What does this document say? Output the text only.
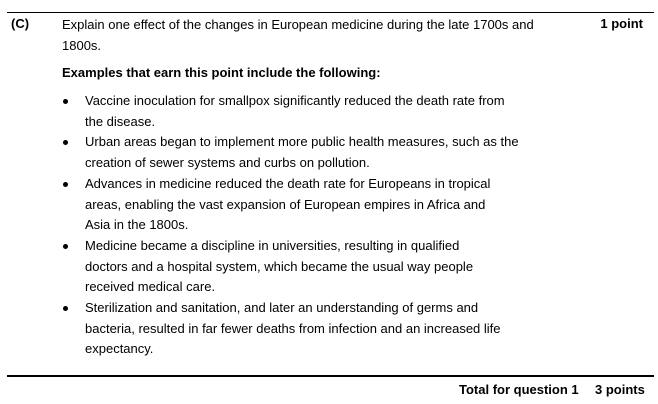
(C)	Explain one effect of the changes in European medicine during the late 1700s and
1800s.
1 point
Examples that earn this point include the following:
Vaccine inoculation for smallpox significantly reduced the death rate from
the disease.
Urban areas began to implement more public health measures, such as the
creation of sewer systems and curbs on pollution.
Advances in medicine reduced the death rate for Europeans in tropical
areas, enabling the vast expansion of European empires in Africa and
Asia in the 1800s.
Medicine became a discipline in universities, resulting in qualified
doctors and a hospital system, which became the usual way people
received medical care.
Sterilization and sanitation, and later an understanding of germs and
bacteria, resulted in far fewer deaths from infection and an increased life
expectancy.
Total for question 1 3 points
